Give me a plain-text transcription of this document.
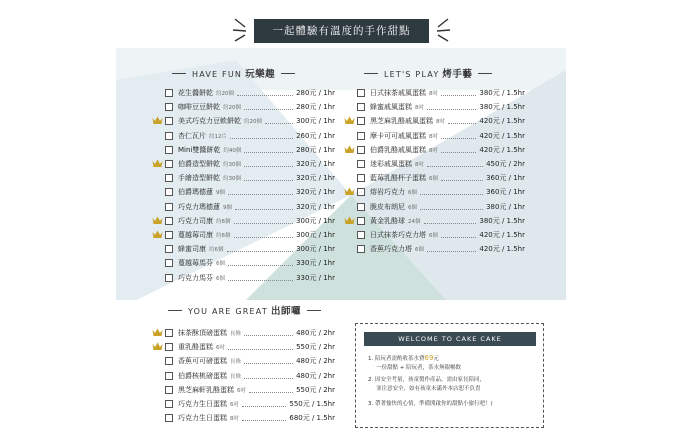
一起體驗有溫度的手作甜點
HAVE FUN 玩樂趣	LET'S PLAY 烤手藝
花生醬餅乾 約20個	280元 / 1hr
咖啡豆豆餅乾 約20個	280元 / 1hr
美式巧克力豆軟餅乾 約20個	300元 / 1hr
杏仁瓦片 約12片	260元 / 1hr
Mini雙醬餅乾 約40個	280元 / 1hr
伯爵造型餅乾 約30個	320元 / 1hr
手繪造型餅乾 約30個	320元 / 1hr
伯爵瑪德蓮 9個	320元 / 1hr
巧克力瑪德蓮 9個	320元 / 1hr
巧克力司康 約6個	300元 / 1hr
蔓越莓司康 約6個	300元 / 1hr
蜂蜜司康 約6個	300元 / 1hr
蔓越莓馬芬 6個	330元 / 1hr
巧克力馬芬 6個	330元 / 1hr
日式抹茶戚風蛋糕 8吋	380元 / 1.5hr
蜂蜜戚風蛋糕 8吋	380元 / 1.5hr
黑芝麻乳酪戚風蛋糕 8吋	420元 / 1.5hr
摩卡可可戚風蛋糕 8吋	420元 / 1.5hr
伯爵乳酪戚風蛋糕 8吋	420元 / 1.5hr
迷彩戚風蛋糕 8吋	450元 / 2hr
藍莓乳酪杯子蛋糕 6個	360元 / 1hr
熔岩巧克力 6個	360元 / 1hr
脆皮布朗尼 6個	380元 / 1hr
黃金乳酪球 24個	380元 / 1.5hr
日式抹茶巧克力塔 6個	420元 / 1.5hr
香蕉巧克力塔 6個	420元 / 1.5hr
YOU ARE GREAT 出師囉
抹茶酥頂磅蛋糕 長條	480元 / 2hr
重乳酪蛋糕 6吋	550元 / 2hr
香蕉可可磅蛋糕 長條	480元 / 2hr
伯爵核桃磅蛋糕 長條	480元 / 2hr
黑芝麻軒乳酪蛋糕 6吋	550元 / 2hr
巧克力生日蛋糕 6吋	550元 / 1.5hr
巧克力生日蛋糕 8吋	680元 / 1.5hr
WELCOME TO CAKE CAKE
1. 陪玩者需酌收茶水費69元
一份甜點 + 陪玩者，茶水無限暢飲
2. 因安全考量，孩童製作產品，需由家長陪同，
並注意安全，如有孩童未滿外本店恕不負責
3. 帶著愉快的心情，準備開啟你的甜點小旅行吧！)
